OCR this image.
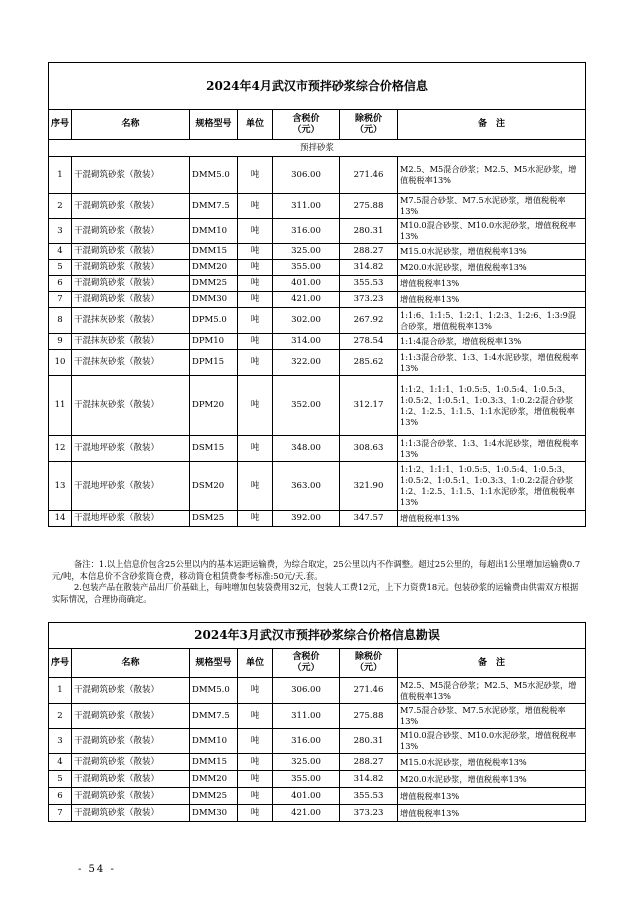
2024年4月武汉市预拌砂浆综合价格信息						
序号	名称	规格型号	单位	含税价
（元）	除税价
（元）	备　注
预拌砂浆						
1	干混砌筑砂浆（散装）	DMM5.0	吨	306.00	271.46	M2.5、M5混合砂浆；M2.5、M5水泥砂浆，增值税税率13%
2	干混砌筑砂浆（散装）	DMM7.5	吨	311.00	275.88	M7.5混合砂浆、M7.5水泥砂浆，增值税税率13%
3	干混砌筑砂浆（散装）	DMM10	吨	316.00	280.31	M10.0混合砂浆、M10.0水泥砂浆，增值税税率13%
4	干混砌筑砂浆（散装）	DMM15	吨	325.00	288.27	M15.0水泥砂浆，增值税税率13%
5	干混砌筑砂浆（散装）	DMM20	吨	355.00	314.82	M20.0水泥砂浆，增值税税率13%
6	干混砌筑砂浆（散装）	DMM25	吨	401.00	355.53	增值税税率13%
7	干混砌筑砂浆（散装）	DMM30	吨	421.00	373.23	增值税税率13%
8	干混抹灰砂浆（散装）	DPM5.0	吨	302.00	267.92	1:1:6、1:1:5、1:2:1、1:2:3、1:2:6、1:3:9混合砂浆，增值税税率13%
9	干混抹灰砂浆（散装）	DPM10	吨	314.00	278.54	1:1:4混合砂浆，增值税税率13%
10	干混抹灰砂浆（散装）	DPM15	吨	322.00	285.62	1:1:3混合砂浆、1:3、1:4水泥砂浆，增值税税率13%
11	干混抹灰砂浆（散装）	DPM20	吨	352.00	312.17	1:1:2、1:1:1、1:0.5:5、1:0.5:4、1:0.5:3、1:0.5:2、1:0.5:1、1:0.3:3、1:0.2:2混合砂浆1:2、1:2.5、1:1.5、1:1水泥砂浆，增值税税率13%
12	干混地坪砂浆（散装）	DSM15	吨	348.00	308.63	1:1:3混合砂浆、1:3、1:4水泥砂浆，增值税税率13%
13	干混地坪砂浆（散装）	DSM20	吨	363.00	321.90	1:1:2、1:1:1、1:0.5:5、1:0.5:4、1:0.5:3、1:0.5:2、1:0.5:1、1:0.3:3、1:0.2:2混合砂浆1:2、1:2.5、1:1.5、1:1水泥砂浆，增值税税率13%
14	干混地坪砂浆（散装）	DSM25	吨	392.00	347.57	增值税税率13%

备注：1.以上信息价包含25公里以内的基本运距运输费，为综合取定，25公里以内不作调整。超过25公里的，每超出1公里增加运输费0.7元/吨，本信息价不含砂浆筒仓费，移动筒仓租赁费参考标准:50元/天.套。

2.包装产品在散装产品出厂价基础上，每吨增加包装袋费用32元，包装人工费12元，上下力资费18元。包装砂浆的运输费由供需双方根据实际情况，合理协商确定。

2024年3月武汉市预拌砂浆综合价格信息勘误						
序号	名称	规格型号	单位	含税价
（元）	除税价
（元）	备　注
1	干混砌筑砂浆（散装）	DMM5.0	吨	306.00	271.46	M2.5、M5混合砂浆；M2.5、M5水泥砂浆，增值税税率13%
2	干混砌筑砂浆（散装）	DMM7.5	吨	311.00	275.88	M7.5混合砂浆、M7.5水泥砂浆，增值税税率13%
3	干混砌筑砂浆（散装）	DMM10	吨	316.00	280.31	M10.0混合砂浆、M10.0水泥砂浆，增值税税率13%
4	干混砌筑砂浆（散装）	DMM15	吨	325.00	288.27	M15.0水泥砂浆，增值税税率13%
5	干混砌筑砂浆（散装）	DMM20	吨	355.00	314.82	M20.0水泥砂浆，增值税税率13%
6	干混砌筑砂浆（散装）	DMM25	吨	401.00	355.53	增值税税率13%
7	干混砌筑砂浆（散装）	DMM30	吨	421.00	373.23	增值税税率13%
- 54 -
